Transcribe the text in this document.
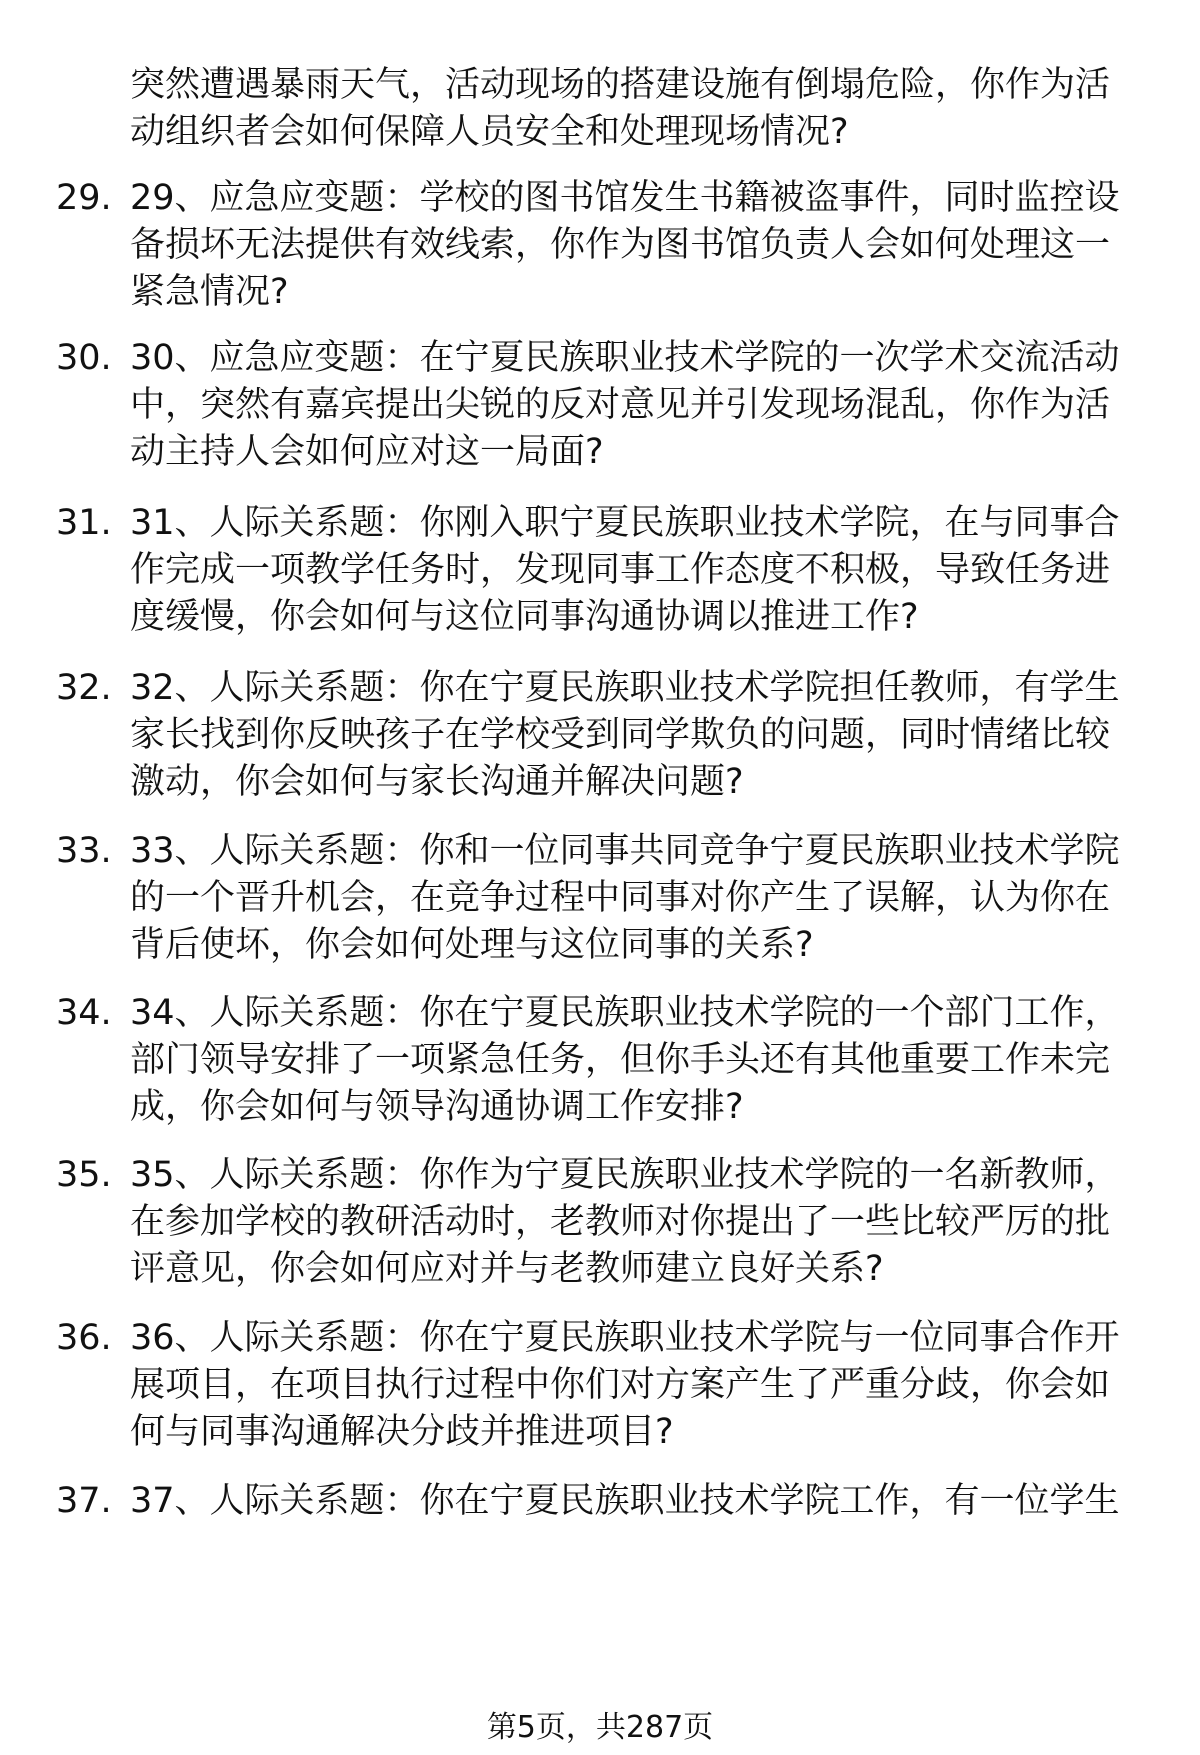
突然遭遇暴雨天气，活动现场的搭建设施有倒塌危险，你作为活动组织者会如何保障人员安全和处理现场情况?
29. 29、应急应变题：学校的图书馆发生书籍被盗事件，同时监控设备损坏无法提供有效线索，你作为图书馆负责人会如何处理这一紧急情况?
30. 30、应急应变题：在宁夏民族职业技术学院的一次学术交流活动中，突然有嘉宾提出尖锐的反对意见并引发现场混乱，你作为活动主持人会如何应对这一局面?
31. 31、人际关系题：你刚入职宁夏民族职业技术学院，在与同事合作完成一项教学任务时，发现同事工作态度不积极，导致任务进度缓慢，你会如何与这位同事沟通协调以推进工作?
32. 32、人际关系题：你在宁夏民族职业技术学院担任教师，有学生家长找到你反映孩子在学校受到同学欺负的问题，同时情绪比较激动，你会如何与家长沟通并解决问题?
33. 33、人际关系题：你和一位同事共同竞争宁夏民族职业技术学院的一个晋升机会，在竞争过程中同事对你产生了误解，认为你在背后使坏，你会如何处理与这位同事的关系?
34. 34、人际关系题：你在宁夏民族职业技术学院的一个部门工作，部门领导安排了一项紧急任务，但你手头还有其他重要工作未完成，你会如何与领导沟通协调工作安排?
35. 35、人际关系题：你作为宁夏民族职业技术学院的一名新教师，在参加学校的教研活动时，老教师对你提出了一些比较严厉的批评意见，你会如何应对并与老教师建立良好关系?
36. 36、人际关系题：你在宁夏民族职业技术学院与一位同事合作开展项目，在项目执行过程中你们对方案产生了严重分歧，你会如何与同事沟通解决分歧并推进项目?
37. 37、人际关系题：你在宁夏民族职业技术学院工作，有一位学生
第5页，共287页
